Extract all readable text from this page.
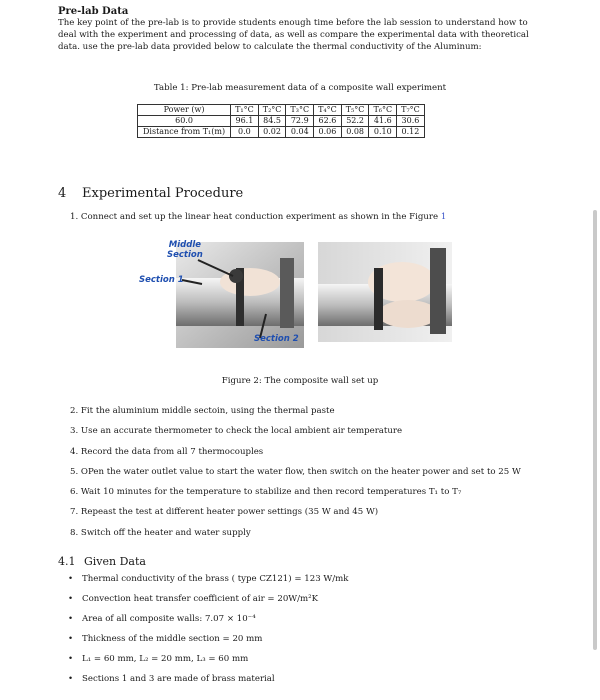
Pre-lab Data
The key point of the pre-lab is to provide students enough time before the lab session to understand how to deal with the experiment and processing of data, as well as compare the experimental data with theoretical data. use the pre-lab data provided below to calculate the thermal conductivity of the Aluminum:
Table 1: Pre-lab measurement data of a composite wall experiment
Power (w)	T₁°C	T₂°C	T₃°C	T₄°C	T₅°C	T₆°C	T₇°C
60.0	96.1	84.5	72.9	62.6	52.2	41.6	30.6
Distance from T₁(m)	0.0	0.02	0.04	0.06	0.08	0.10	0.12
4 Experimental Procedure
1. Connect and set up the linear heat conduction experiment as shown in the Figure 1
Middle
Section
Section 1
Section 2
Figure 2: The composite wall set up
2. Fit the aluminium middle sectoin, using the thermal paste
3. Use an accurate thermometer to check the local ambient air temperature
4. Record the data from all 7 thermocouples
5. OPen the water outlet value to start the water flow, then switch on the heater power and set to 25 W
6. Wait 10 minutes for the temperature to stabilize and then record temperatures T₁ to T₇
7. Repeast the test at different heater power settings (35 W and 45 W)
8. Switch off the heater and water supply
4.1 Given Data
• Thermal conductivity of the brass ( type CZ121) = 123 W/mk
• Convection heat transfer coefficient of air = 20W/m²K
• Area of all composite walls: 7.07 × 10⁻⁴
• Thickness of the middle section = 20 mm
• L₁ = 60 mm, L₂ = 20 mm, L₃ = 60 mm
• Sections 1 and 3 are made of brass material
